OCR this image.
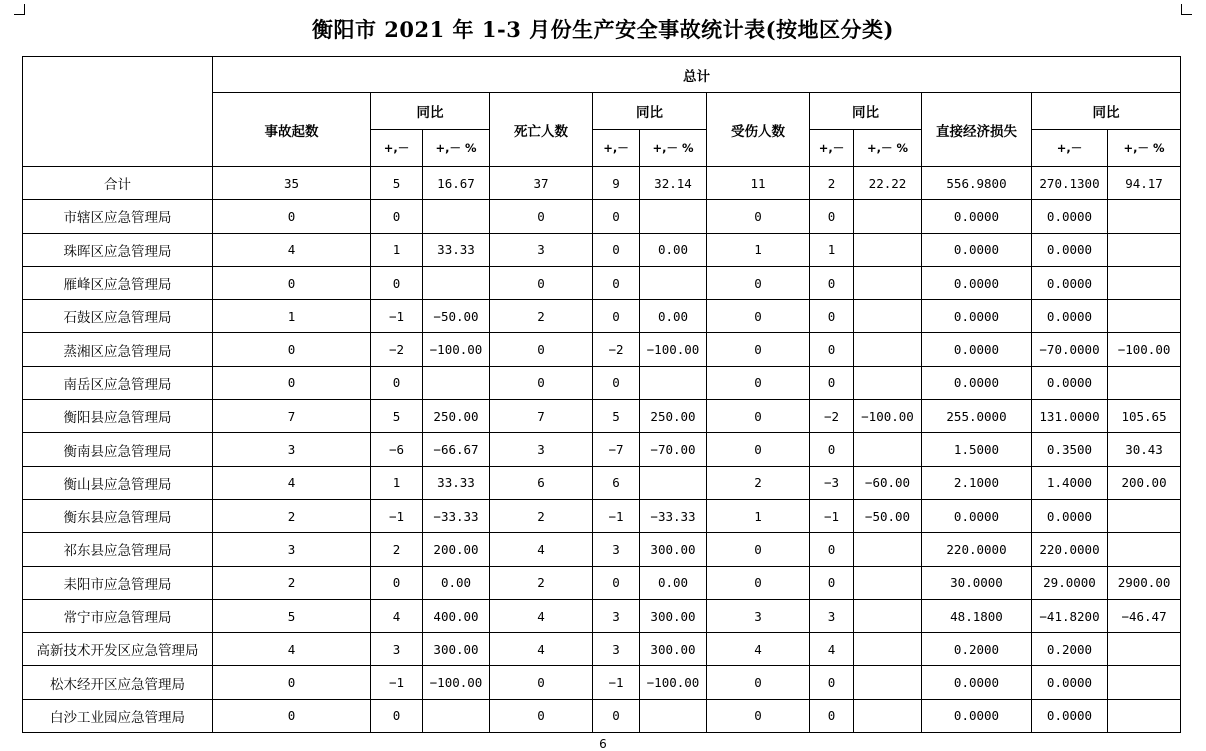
衡阳市 2021 年 1-3 月份生产安全事故统计表(按地区分类)
	总计											
	事故起数	同比		死亡人数	同比		受伤人数	同比		直接经济损失	同比	
		+,－	+,－ %		+,－	+,－ %		+,－	+,－ %		+,－	+,－ %
合计	35	5	16.67	37	9	32.14	11	2	22.22	556.9800	270.1300	94.17
市辖区应急管理局	0	0		0	0		0	0		0.0000	0.0000	
珠晖区应急管理局	4	1	33.33	3	0	0.00	1	1		0.0000	0.0000	
雁峰区应急管理局	0	0		0	0		0	0		0.0000	0.0000	
石鼓区应急管理局	1	−1	−50.00	2	0	0.00	0	0		0.0000	0.0000	
蒸湘区应急管理局	0	−2	−100.00	0	−2	−100.00	0	0		0.0000	−70.0000	−100.00
南岳区应急管理局	0	0		0	0		0	0		0.0000	0.0000	
衡阳县应急管理局	7	5	250.00	7	5	250.00	0	−2	−100.00	255.0000	131.0000	105.65
衡南县应急管理局	3	−6	−66.67	3	−7	−70.00	0	0		1.5000	0.3500	30.43
衡山县应急管理局	4	1	33.33	6	6		2	−3	−60.00	2.1000	1.4000	200.00
衡东县应急管理局	2	−1	−33.33	2	−1	−33.33	1	−1	−50.00	0.0000	0.0000	
祁东县应急管理局	3	2	200.00	4	3	300.00	0	0		220.0000	220.0000	
耒阳市应急管理局	2	0	0.00	2	0	0.00	0	0		30.0000	29.0000	2900.00
常宁市应急管理局	5	4	400.00	4	3	300.00	3	3		48.1800	−41.8200	−46.47
高新技术开发区应急管理局	4	3	300.00	4	3	300.00	4	4		0.2000	0.2000	
松木经开区应急管理局	0	−1	−100.00	0	−1	−100.00	0	0		0.0000	0.0000	
白沙工业园应急管理局	0	0		0	0		0	0		0.0000	0.0000	
6
